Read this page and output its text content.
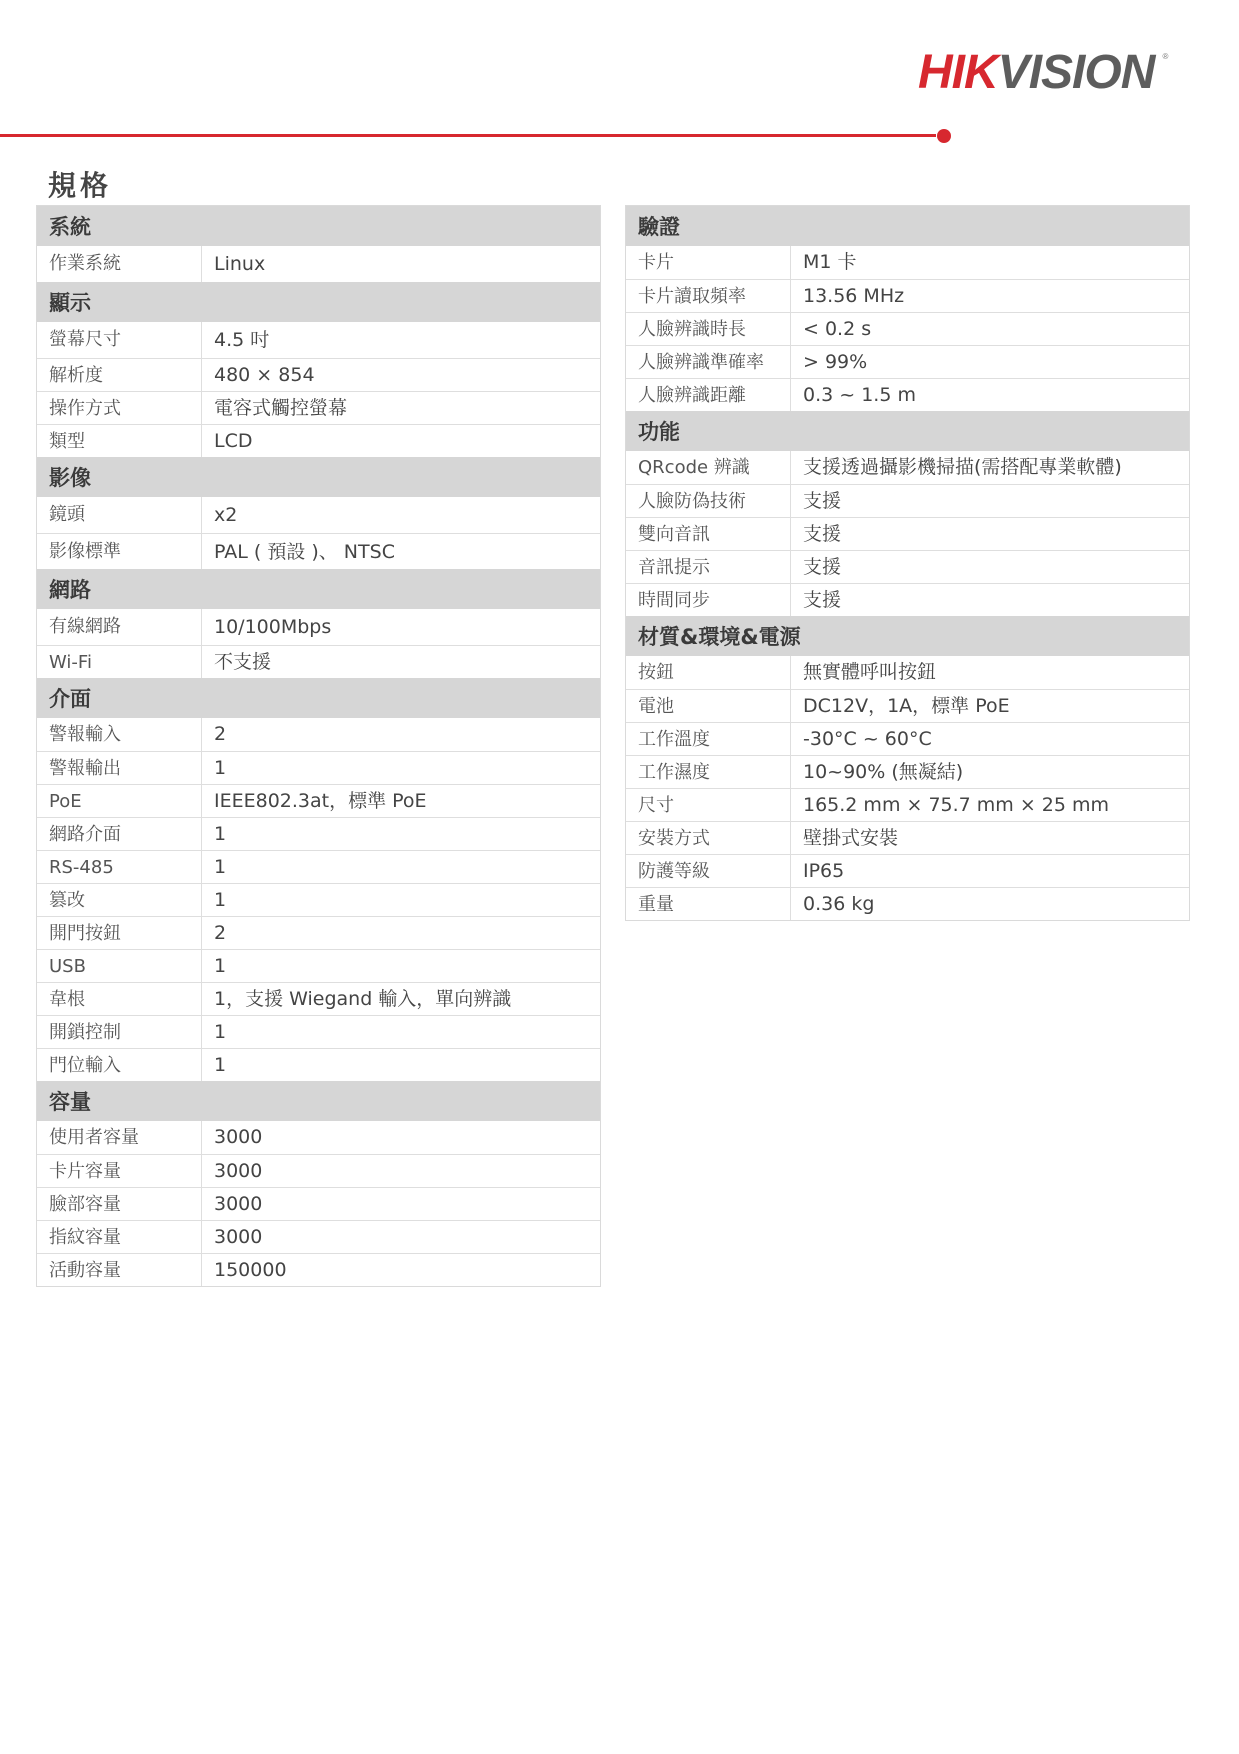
HIKVISION ®
規格
系統
作業系統	Linux
顯示
螢幕尺寸	4.5 吋
解析度	480 × 854
操作方式	電容式觸控螢幕
類型	LCD
影像
鏡頭	x2
影像標準	PAL ( 預設 )、 NTSC
網路
有線網路	10/100Mbps
Wi-Fi	不支援
介面
警報輸入	2
警報輸出	1
PoE	IEEE802.3at，標準 PoE
網路介面	1
RS-485	1
篡改	1
開門按鈕	2
USB	1
韋根	1，支援 Wiegand 輸入，單向辨識
開鎖控制	1
門位輸入	1
容量
使用者容量	3000
卡片容量	3000
臉部容量	3000
指紋容量	3000
活動容量	150000
驗證
卡片	M1 卡
卡片讀取頻率	13.56 MHz
人臉辨識時長	< 0.2 s
人臉辨識準確率	> 99%
人臉辨識距離	0.3 ~ 1.5 m
功能
QRcode 辨識	支援透過攝影機掃描(需搭配專業軟體)
人臉防偽技術	支援
雙向音訊	支援
音訊提示	支援
時間同步	支援
材質&環境&電源
按鈕	無實體呼叫按鈕
電池	DC12V，1A，標準 PoE
工作溫度	-30°C ~ 60°C
工作濕度	10~90% (無凝結)
尺寸	165.2 mm × 75.7 mm × 25 mm
安裝方式	壁掛式安裝
防護等級	IP65
重量	0.36 kg
